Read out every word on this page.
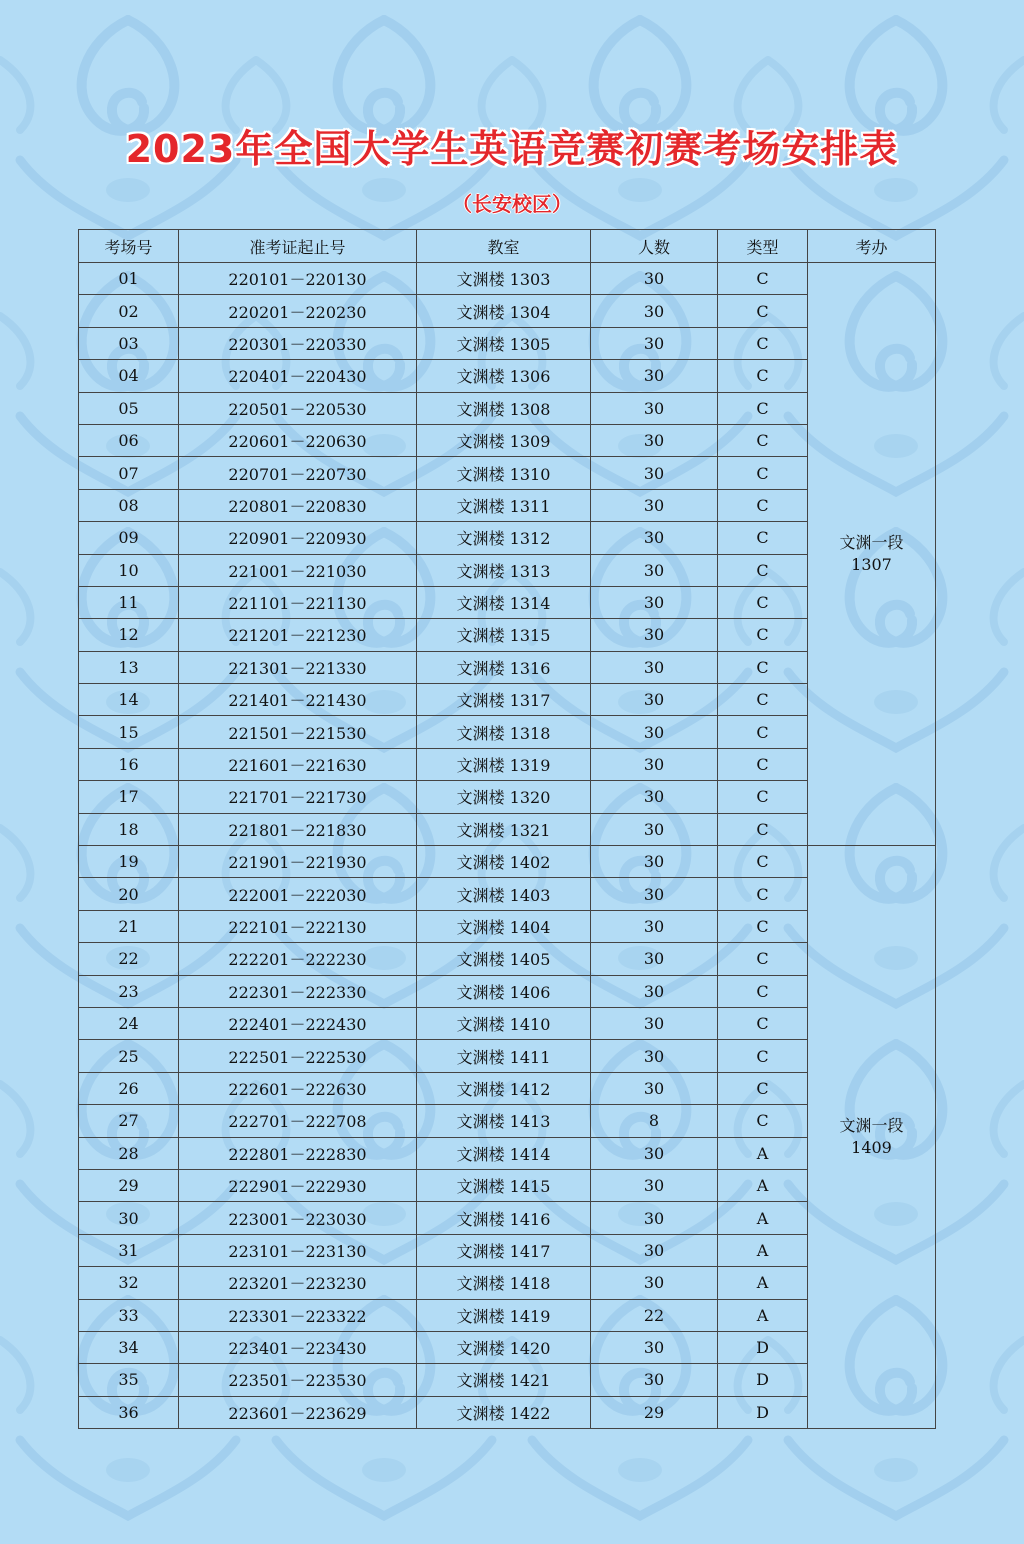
2023年全国大学生英语竞赛初赛考场安排表
（长安校区）
考场号	准考证起止号	教室	人数	类型	考办
01	220101－220130	文渊楼 1303	30	C	文渊一段
1307

02	220201－220230	文渊楼 1304	30	C	
03	220301－220330	文渊楼 1305	30	C	
04	220401－220430	文渊楼 1306	30	C	
05	220501－220530	文渊楼 1308	30	C	
06	220601－220630	文渊楼 1309	30	C	
07	220701－220730	文渊楼 1310	30	C	
08	220801－220830	文渊楼 1311	30	C	
09	220901－220930	文渊楼 1312	30	C	
10	221001－221030	文渊楼 1313	30	C	
11	221101－221130	文渊楼 1314	30	C	
12	221201－221230	文渊楼 1315	30	C	
13	221301－221330	文渊楼 1316	30	C	
14	221401－221430	文渊楼 1317	30	C	
15	221501－221530	文渊楼 1318	30	C	
16	221601－221630	文渊楼 1319	30	C	
17	221701－221730	文渊楼 1320	30	C	
18	221801－221830	文渊楼 1321	30	C	
19	221901－221930	文渊楼 1402	30	C	文渊一段
1409

20	222001－222030	文渊楼 1403	30	C	
21	222101－222130	文渊楼 1404	30	C	
22	222201－222230	文渊楼 1405	30	C	
23	222301－222330	文渊楼 1406	30	C	
24	222401－222430	文渊楼 1410	30	C	
25	222501－222530	文渊楼 1411	30	C	
26	222601－222630	文渊楼 1412	30	C	
27	222701－222708	文渊楼 1413	8	C	
28	222801－222830	文渊楼 1414	30	A	
29	222901－222930	文渊楼 1415	30	A	
30	223001－223030	文渊楼 1416	30	A	
31	223101－223130	文渊楼 1417	30	A	
32	223201－223230	文渊楼 1418	30	A	
33	223301－223322	文渊楼 1419	22	A	
34	223401－223430	文渊楼 1420	30	D	
35	223501－223530	文渊楼 1421	30	D	
36	223601－223629	文渊楼 1422	29	D	
